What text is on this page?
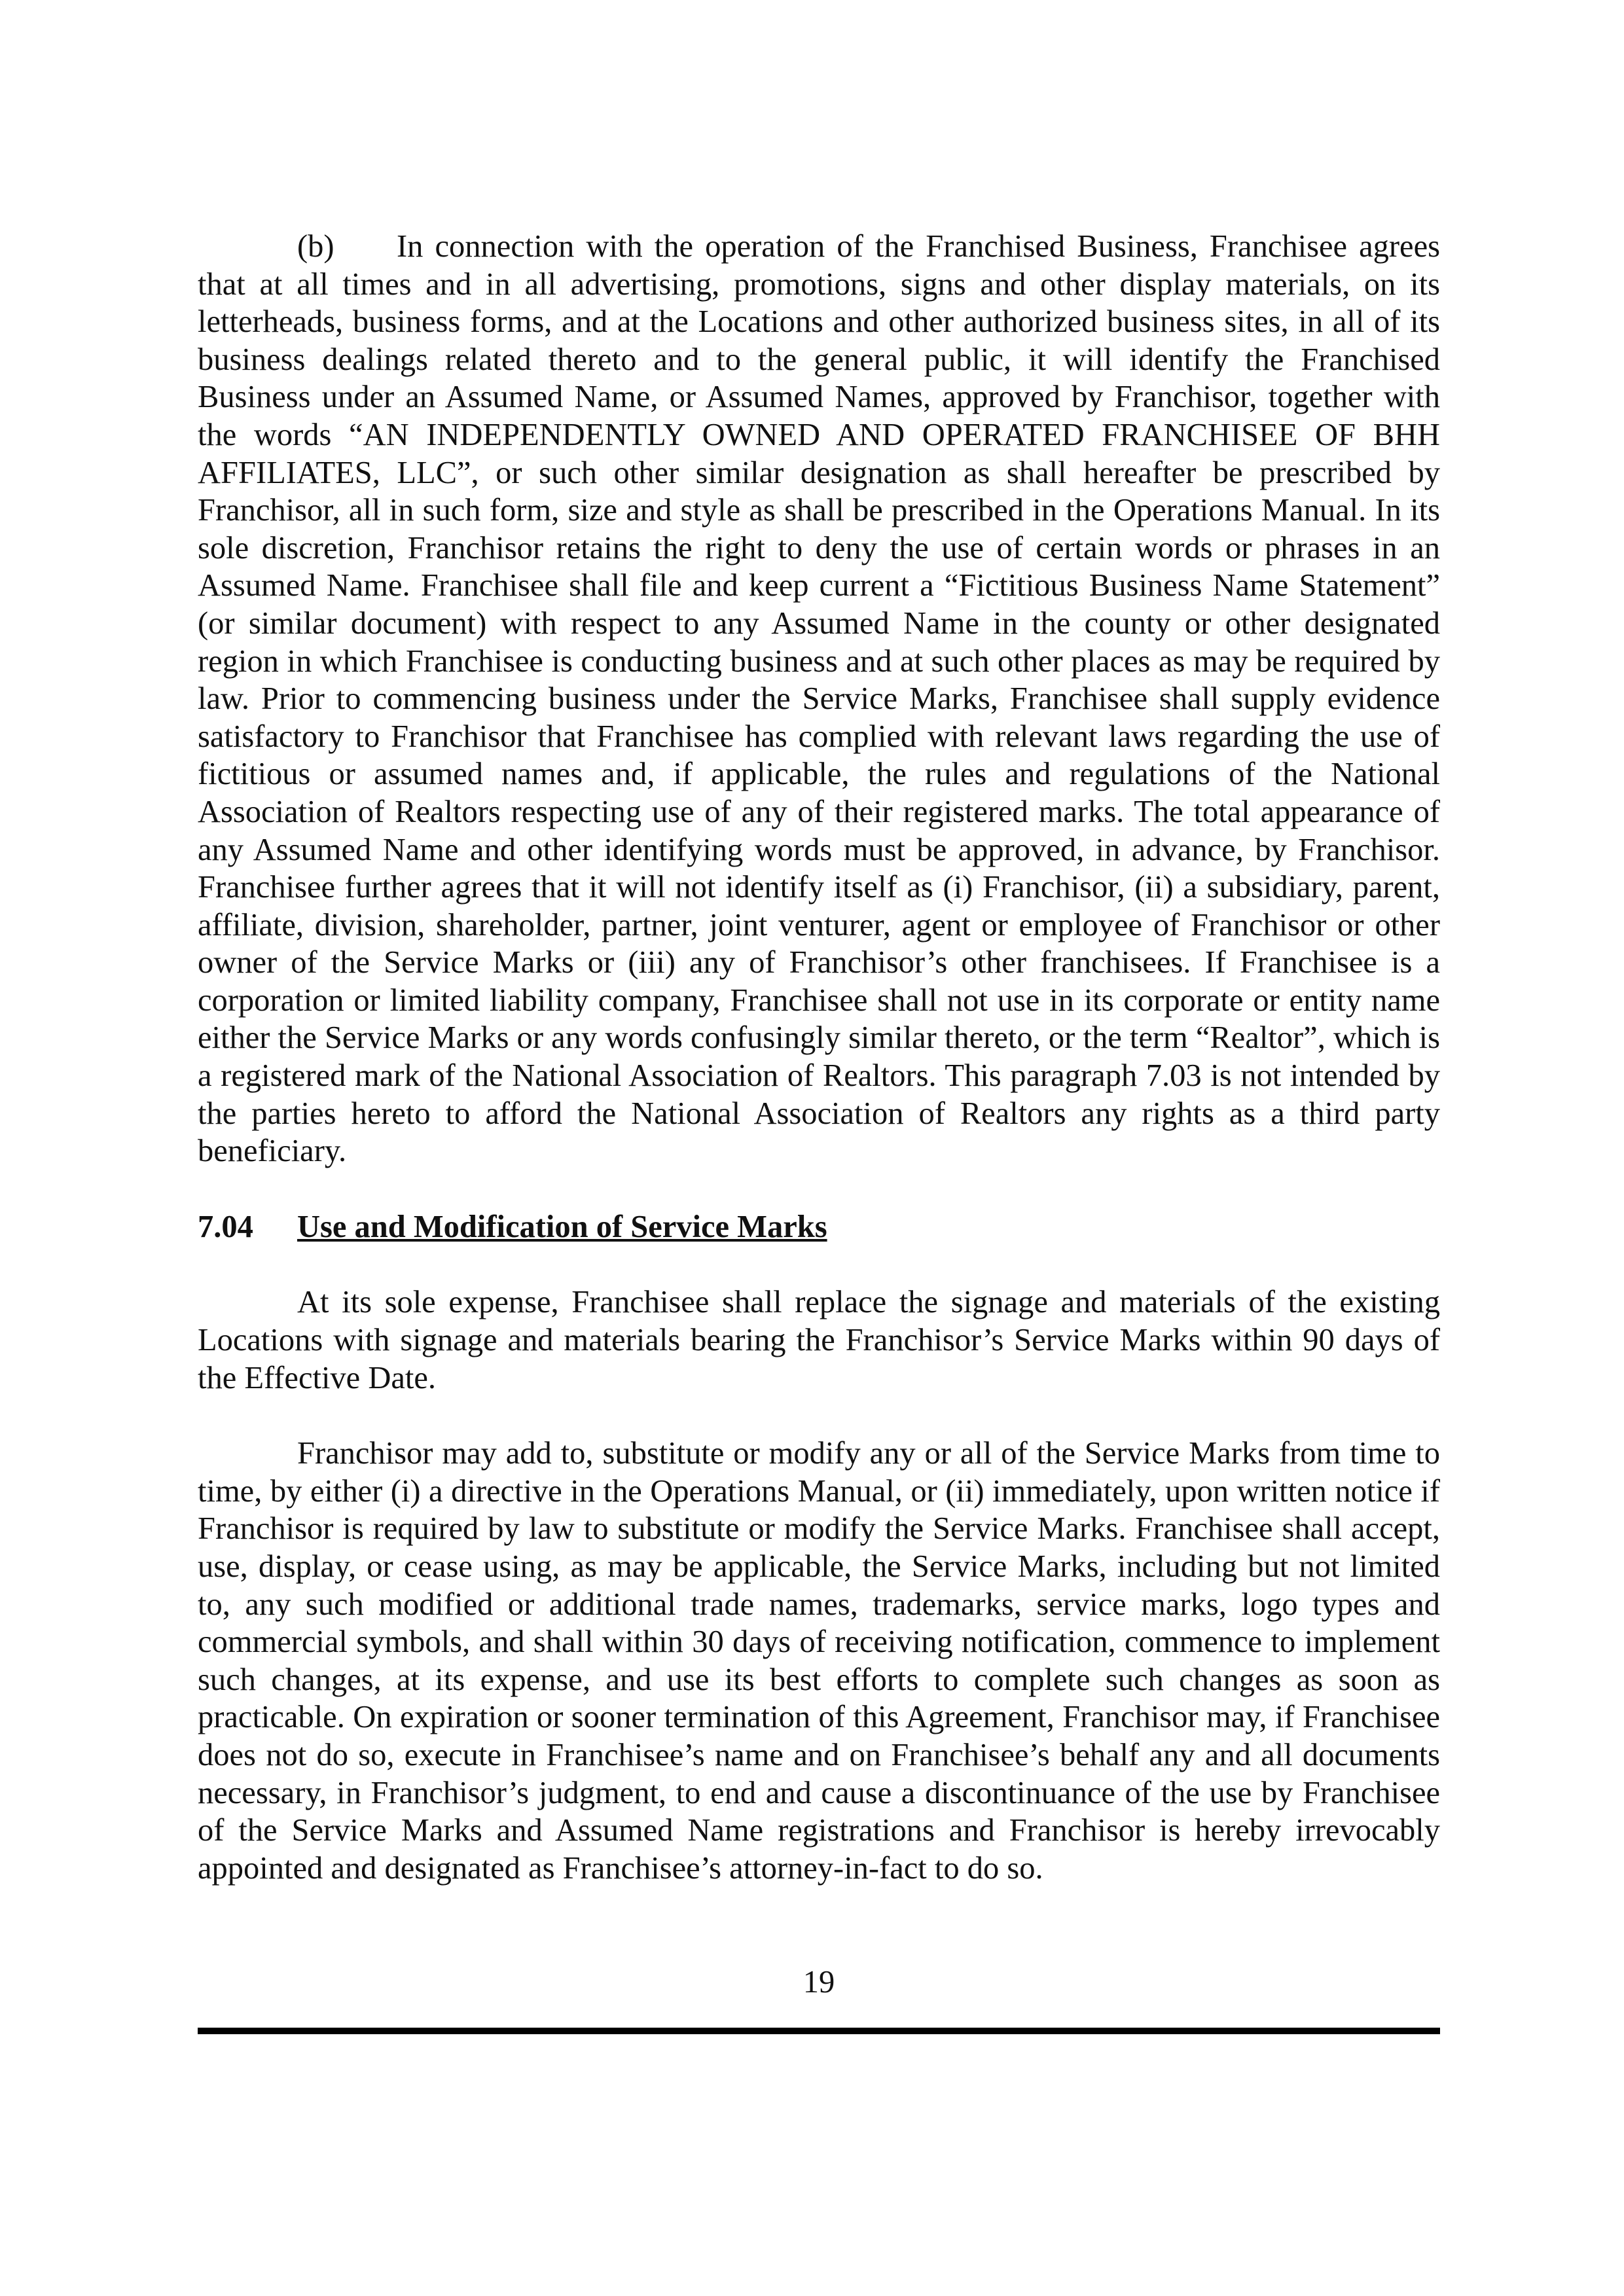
(b) In connection with the operation of the Franchised Business, Franchisee agrees that at all times and in all advertising, promotions, signs and other display materials, on its letterheads, business forms, and at the Locations and other authorized business sites, in all of its business dealings related thereto and to the general public, it will identify the Franchised Business under an Assumed Name, or Assumed Names, approved by Franchisor, together with the words “AN INDEPENDENTLY OWNED AND OPERATED FRANCHISEE OF BHH AFFILIATES, LLC”, or such other similar designation as shall hereafter be prescribed by Franchisor, all in such form, size and style as shall be prescribed in the Operations Manual. In its sole discretion, Franchisor retains the right to deny the use of certain words or phrases in an Assumed Name. Franchisee shall file and keep current a “Fictitious Business Name Statement” (or similar document) with respect to any Assumed Name in the county or other designated region in which Franchisee is conducting business and at such other places as may be required by law. Prior to commencing business under the Service Marks, Franchisee shall supply evidence satisfactory to Franchisor that Franchisee has complied with relevant laws regarding the use of fictitious or assumed names and, if applicable, the rules and regulations of the National Association of Realtors respecting use of any of their registered marks. The total appearance of any Assumed Name and other identifying words must be approved, in advance, by Franchisor. Franchisee further agrees that it will not identify itself as (i) Franchisor, (ii) a subsidiary, parent, affiliate, division, shareholder, partner, joint venturer, agent or employee of Franchisor or other owner of the Service Marks or (iii) any of Franchisor’s other franchisees. If Franchisee is a corporation or limited liability company, Franchisee shall not use in its corporate or entity name either the Service Marks or any words confusingly similar thereto, or the term “Realtor”, which is a registered mark of the National Association of Realtors. This paragraph 7.03 is not intended by the parties hereto to afford the National Association of Realtors any rights as a third party beneficiary.

7.04 Use and Modification of Service Marks

At its sole expense, Franchisee shall replace the signage and materials of the existing Locations with signage and materials bearing the Franchisor’s Service Marks within 90 days of the Effective Date.

Franchisor may add to, substitute or modify any or all of the Service Marks from time to time, by either (i) a directive in the Operations Manual, or (ii) immediately, upon written notice if Franchisor is required by law to substitute or modify the Service Marks. Franchisee shall accept, use, display, or cease using, as may be applicable, the Service Marks, including but not limited to, any such modified or additional trade names, trademarks, service marks, logo types and commercial symbols, and shall within 30 days of receiving notification, commence to implement such changes, at its expense, and use its best efforts to complete such changes as soon as practicable. On expiration or sooner termination of this Agreement, Franchisor may, if Franchisee does not do so, execute in Franchisee’s name and on Franchisee’s behalf any and all documents necessary, in Franchisor’s judgment, to end and cause a discontinuance of the use by Franchisee of the Service Marks and Assumed Name registrations and Franchisor is hereby irrevocably appointed and designated as Franchisee’s attorney-in-fact to do so.

19
